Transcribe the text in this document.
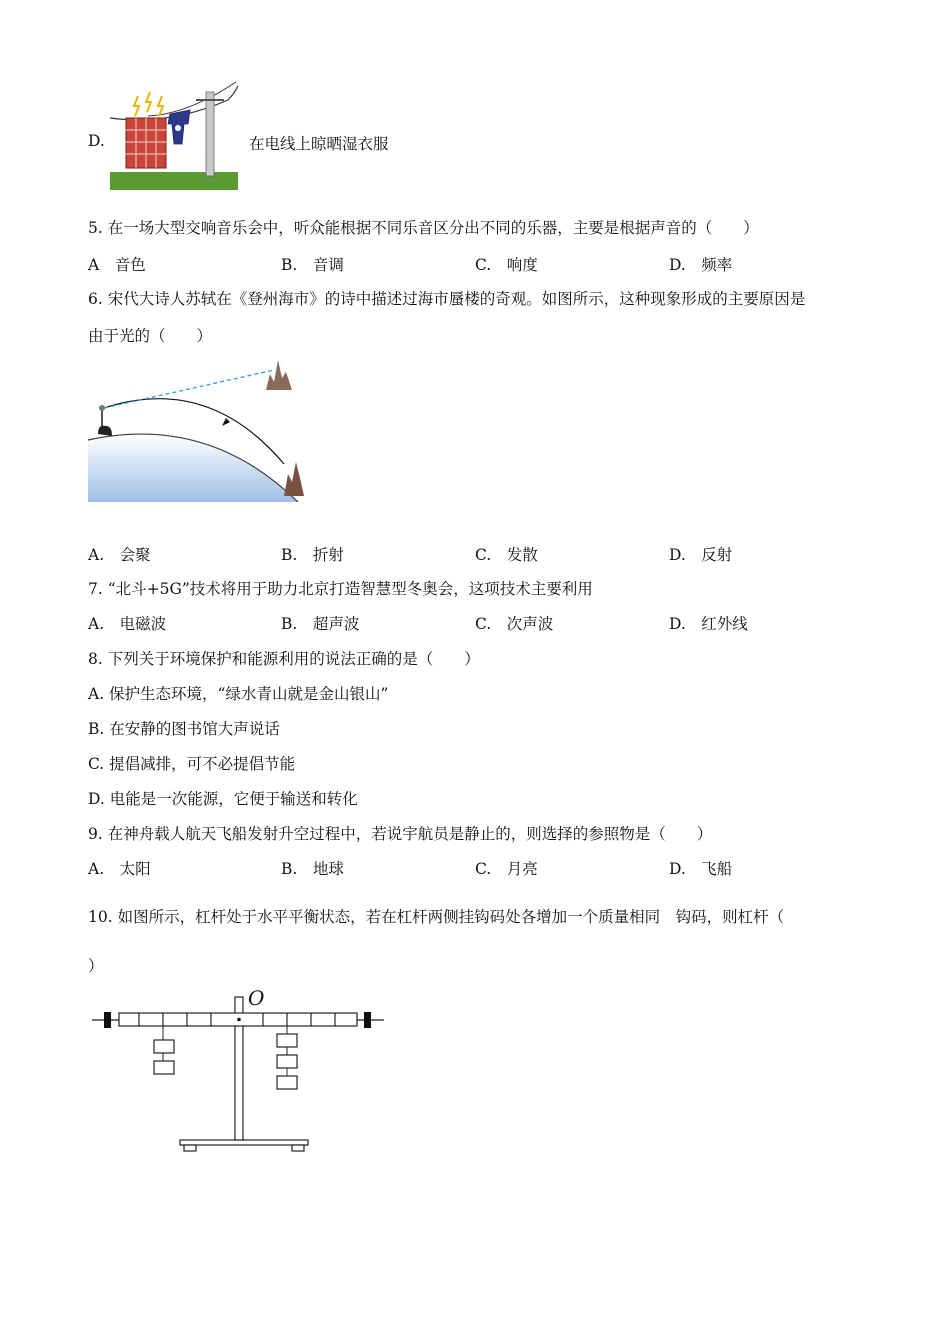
D.	在电线上晾晒湿衣服
5. 在一场大型交响音乐会中，听众能根据不同乐音区分出不同的乐器，主要是根据声音的（　　）
A　音色	B.　音调	C.　响度	D.　频率
6. 宋代大诗人苏轼在《登州海市》的诗中描述过海市蜃楼的奇观。如图所示，这种现象形成的主要原因是
由于光的（　　）
A.　会聚	B.　折射	C.　发散	D.　反射
7. “北斗+5G”技术将用于助力北京打造智慧型冬奥会，这项技术主要利用
A.　电磁波	B.　超声波	C.　次声波	D.　红外线
8. 下列关于环境保护和能源利用的说法正确的是（　　）
A. 保护生态环境，“绿水青山就是金山银山”
B. 在安静的图书馆大声说话
C. 提倡减排，可不必提倡节能
D. 电能是一次能源，它便于输送和转化
9. 在神舟载人航天飞船发射升空过程中，若说宇航员是静止的，则选择的参照物是（　　）
A.　太阳	B.　地球	C.　月亮	D.　飞船
10. 如图所示，杠杆处于水平平衡状态，若在杠杆两侧挂钩码处各增加一个质量相同　钩码，则杠杆（
）
O
